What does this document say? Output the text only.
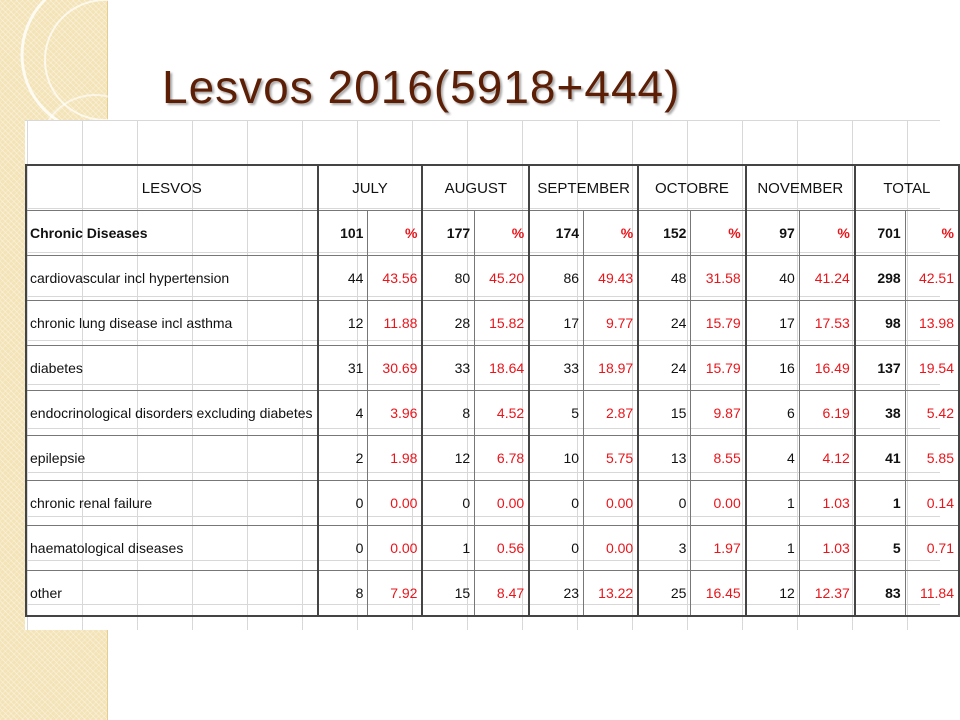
Lesvos 2016(5918+444)
LESVOS	JULY		AUGUST		SEPTEMBER		OCTOBRE		NOVEMBER		TOTAL	
Chronic Diseases	101	%	177	%	174	%	152	%	97	%	701	%
cardiovascular incl hypertension	44	43.56	80	45.20	86	49.43	48	31.58	40	41.24	298	42.51
chronic lung disease incl asthma	12	11.88	28	15.82	17	9.77	24	15.79	17	17.53	98	13.98
diabetes	31	30.69	33	18.64	33	18.97	24	15.79	16	16.49	137	19.54
endocrinological disorders excluding diabetes	4	3.96	8	4.52	5	2.87	15	9.87	6	6.19	38	5.42
epilepsie	2	1.98	12	6.78	10	5.75	13	8.55	4	4.12	41	5.85
chronic renal failure	0	0.00	0	0.00	0	0.00	0	0.00	1	1.03	1	0.14
haematological diseases	0	0.00	1	0.56	0	0.00	3	1.97	1	1.03	5	0.71
other	8	7.92	15	8.47	23	13.22	25	16.45	12	12.37	83	11.84
